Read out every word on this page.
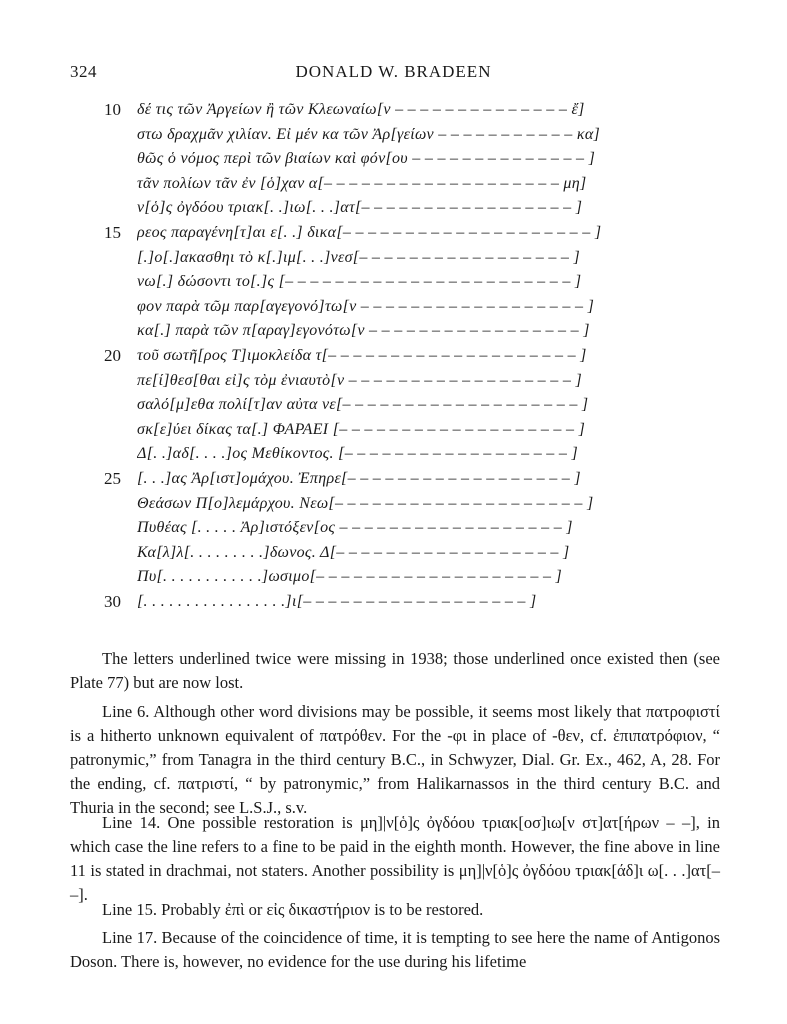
324	DONALD W. BRADEEN
10 δέ τις τῶν Ἀργείων ἢ τῶν Κλεωναίω[ν – – – – – – – – – – – – – – ἔ]
στω δραχμᾶν χιλίαν. Εἰ μέν κα τῶν Ἀρ[γείων – – – – – – – – – – – κα]
θῶς ὁ νόμος περὶ τῶν βιαίων καὶ φόν[ου – – – – – – – – – – – – – – ]
τᾶν πολίων τᾶν ἐν [ὁ]χαν α[– – – – – – – – – – – – – – – – – – – μη]
ν[ὁ]ς ὀγδόου τριακ[. .]ιω[. . .]ατ[– – – – – – – – – – – – – – – – – ]
15 ρεος παραγένη[τ]αι ε[. .] δικα[– – – – – – – – – – – – – – – – – – – – ]
[.]ο[.]ακασθηι τὸ κ[.]ιμ[. . .]νεσ[– – – – – – – – – – – – – – – – – ]
νω[.] δώσοντι το[.]ς [– – – – – – – – – – – – – – – – – – – – – – – ]
φον παρὰ τῶμ παρ[αγεγονό]τω[ν – – – – – – – – – – – – – – – – – – ]
κα[.] παρὰ τῶν π[αραγ]εγονότω[ν – – – – – – – – – – – – – – – – – ]
20 τοῦ σωτῆ[ρος Τ]ιμοκλείδα τ[– – – – – – – – – – – – – – – – – – – – ]
πε[ί]θεσ[θαι εἰ]ς τὸμ ἐνιαυτὸ[ν – – – – – – – – – – – – – – – – – – ]
σαλό[μ]εθα πολί[τ]αν αὐτα νε[– – – – – – – – – – – – – – – – – – – ]
σκ[ε]ύει δίκας τα[.] ΦΑΡΑΕΙ [– – – – – – – – – – – – – – – – – – – ]
Δ[. .]αδ[. . . .]ος Μεθίκοντος. [– – – – – – – – – – – – – – – – – – ]
25 [. . .]ας Ἀρ[ιστ]ομάχου. Ἐπηρε[– – – – – – – – – – – – – – – – – – ]
Θεάσων Π[ο]λεμάρχου. Νεω[– – – – – – – – – – – – – – – – – – – – ]
Πυθέας [. . . . . Ἀρ]ιστόξεν[ος – – – – – – – – – – – – – – – – – – ]
Κα[λ]λ[. . . . . . . . .]δωνος. Δ[– – – – – – – – – – – – – – – – – – ]
Πυ[. . . . . . . . . . . .]ωσιμο[– – – – – – – – – – – – – – – – – – – ]
30 [. . . . . . . . . . . . . . . . .]ι[– – – – – – – – – – – – – – – – – – ]

The letters underlined twice were missing in 1938; those underlined once existed then (see Plate 77) but are now lost.

Line 6. Although other word divisions may be possible, it seems most likely that πατροφιστί is a hitherto unknown equivalent of πατρόθεν. For the -φι in place of -θεν, cf. ἐπιπατρόφιον, “ patronymic,” from Tanagra in the third century B.C., in Schwyzer, Dial. Gr. Ex., 462, A, 28. For the ending, cf. πατριστί, “ by patronymic,” from Halikarnassos in the third century B.C. and Thuria in the second; see L.S.J., s.v.

Line 14. One possible restoration is μη]|ν[ὁ]ς ὀγδόου τριακ[οσ]ιω[ν στ]ατ[ήρων – –], in which case the line refers to a fine to be paid in the eighth month. However, the fine above in line 11 is stated in drachmai, not staters. Another possibility is μη]|ν[ὁ]ς ὀγδόου τριακ[άδ]ι ω[. . .]ατ[– –].

Line 15. Probably ἐπὶ or εἰς δικαστήριον is to be restored.

Line 17. Because of the coincidence of time, it is tempting to see here the name of Antigonos Doson. There is, however, no evidence for the use during his lifetime
